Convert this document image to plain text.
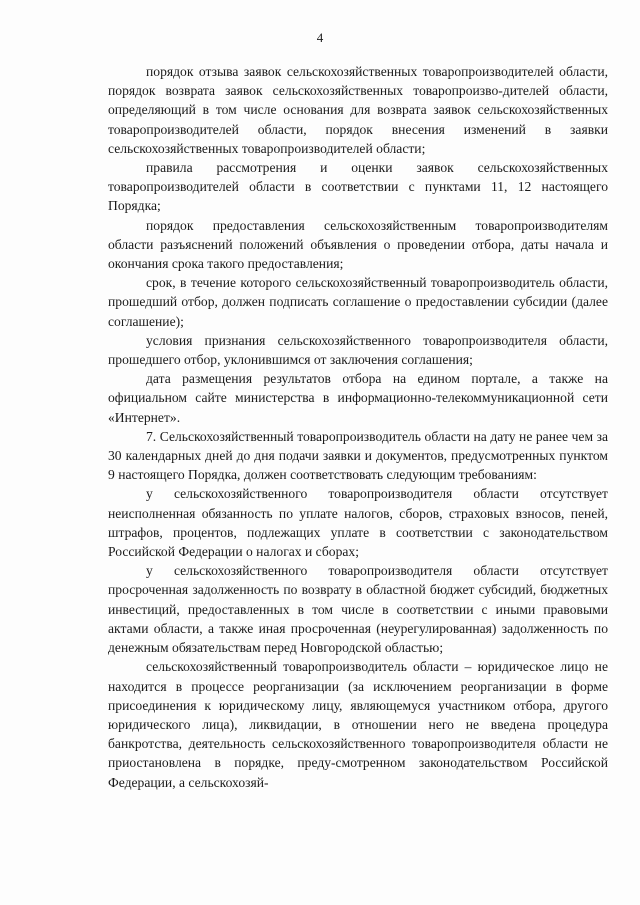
4

порядок отзыва заявок сельскохозяйственных товаропроизводителей области, порядок возврата заявок сельскохозяйственных товаропроизво-дителей области, определяющий в том числе основания для возврата заявок сельскохозяйственных товаропроизводителей области, порядок внесения изменений в заявки сельскохозяйственных товаропроизводителей области;

правила рассмотрения и оценки заявок сельскохозяйственных товаропроизводителей области в соответствии с пунктами 11, 12 настоящего Порядка;

порядок предоставления сельскохозяйственным товаропроизводителям области разъяснений положений объявления о проведении отбора, даты начала и окончания срока такого предоставления;

срок, в течение которого сельскохозяйственный товаропроизводитель области, прошедший отбор, должен подписать соглашение о предоставлении субсидии (далее соглашение);

условия признания сельскохозяйственного товаропроизводителя области, прошедшего отбор, уклонившимся от заключения соглашения;

дата размещения результатов отбора на едином портале, а также на официальном сайте министерства в информационно-телекоммуникационной сети «Интернет».

7. Сельскохозяйственный товаропроизводитель области на дату не ранее чем за 30 календарных дней до дня подачи заявки и документов, предусмотренных пунктом 9 настоящего Порядка, должен соответствовать следующим требованиям:

у сельскохозяйственного товаропроизводителя области отсутствует неисполненная обязанность по уплате налогов, сборов, страховых взносов, пеней, штрафов, процентов, подлежащих уплате в соответствии с законодательством Российской Федерации о налогах и сборах;

у сельскохозяйственного товаропроизводителя области отсутствует просроченная задолженность по возврату в областной бюджет субсидий, бюджетных инвестиций, предоставленных в том числе в соответствии с иными правовыми актами области, а также иная просроченная (неурегулированная) задолженность по денежным обязательствам перед Новгородской областью;

сельскохозяйственный товаропроизводитель области – юридическое лицо не находится в процессе реорганизации (за исключением реорганизации в форме присоединения к юридическому лицу, являющемуся участником отбора, другого юридического лица), ликвидации, в отношении него не введена процедура банкротства, деятельность сельскохозяйственного товаропроизводителя области не приостановлена в порядке, преду-смотренном законодательством Российской Федерации, а сельскохозяй-
